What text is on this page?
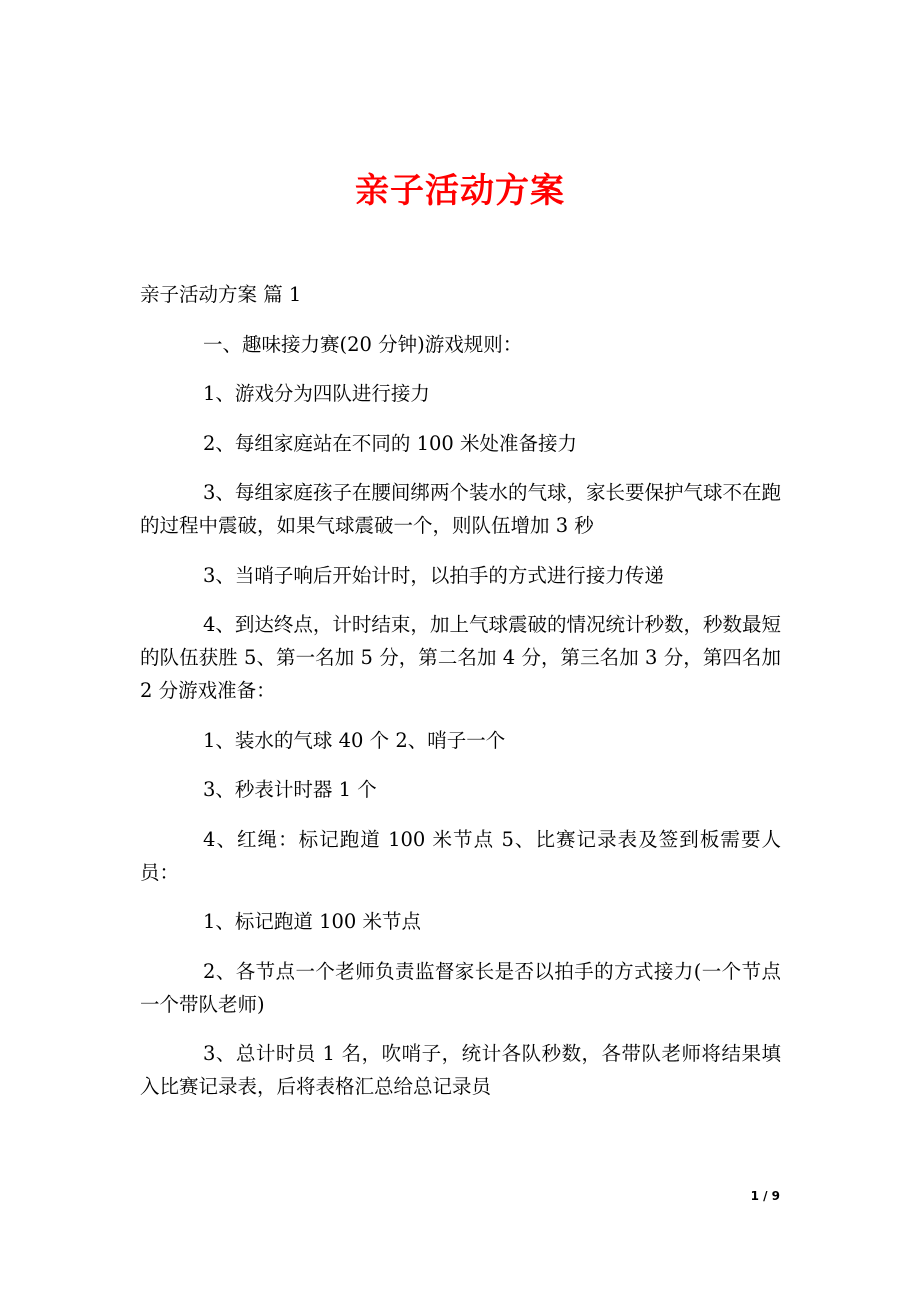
亲子活动方案

亲子活动方案 篇 1

一、趣味接力赛(20 分钟)游戏规则：

1、游戏分为四队进行接力

2、每组家庭站在不同的 100 米处准备接力

3、每组家庭孩子在腰间绑两个装水的气球，家长要保护气球不在跑的过程中震破，如果气球震破一个，则队伍增加 3 秒

3、当哨子响后开始计时，以拍手的方式进行接力传递

4、到达终点，计时结束，加上气球震破的情况统计秒数，秒数最短的队伍获胜 5、第一名加 5 分，第二名加 4 分，第三名加 3 分，第四名加 2 分游戏准备：

1、装水的气球 40 个 2、哨子一个

3、秒表计时器 1 个

4、红绳：标记跑道 100 米节点 5、比赛记录表及签到板需要人员：

1、标记跑道 100 米节点

2、各节点一个老师负责监督家长是否以拍手的方式接力(一个节点一个带队老师)

3、总计时员 1 名，吹哨子，统计各队秒数，各带队老师将结果填入比赛记录表，后将表格汇总给总记录员

1 / 9
